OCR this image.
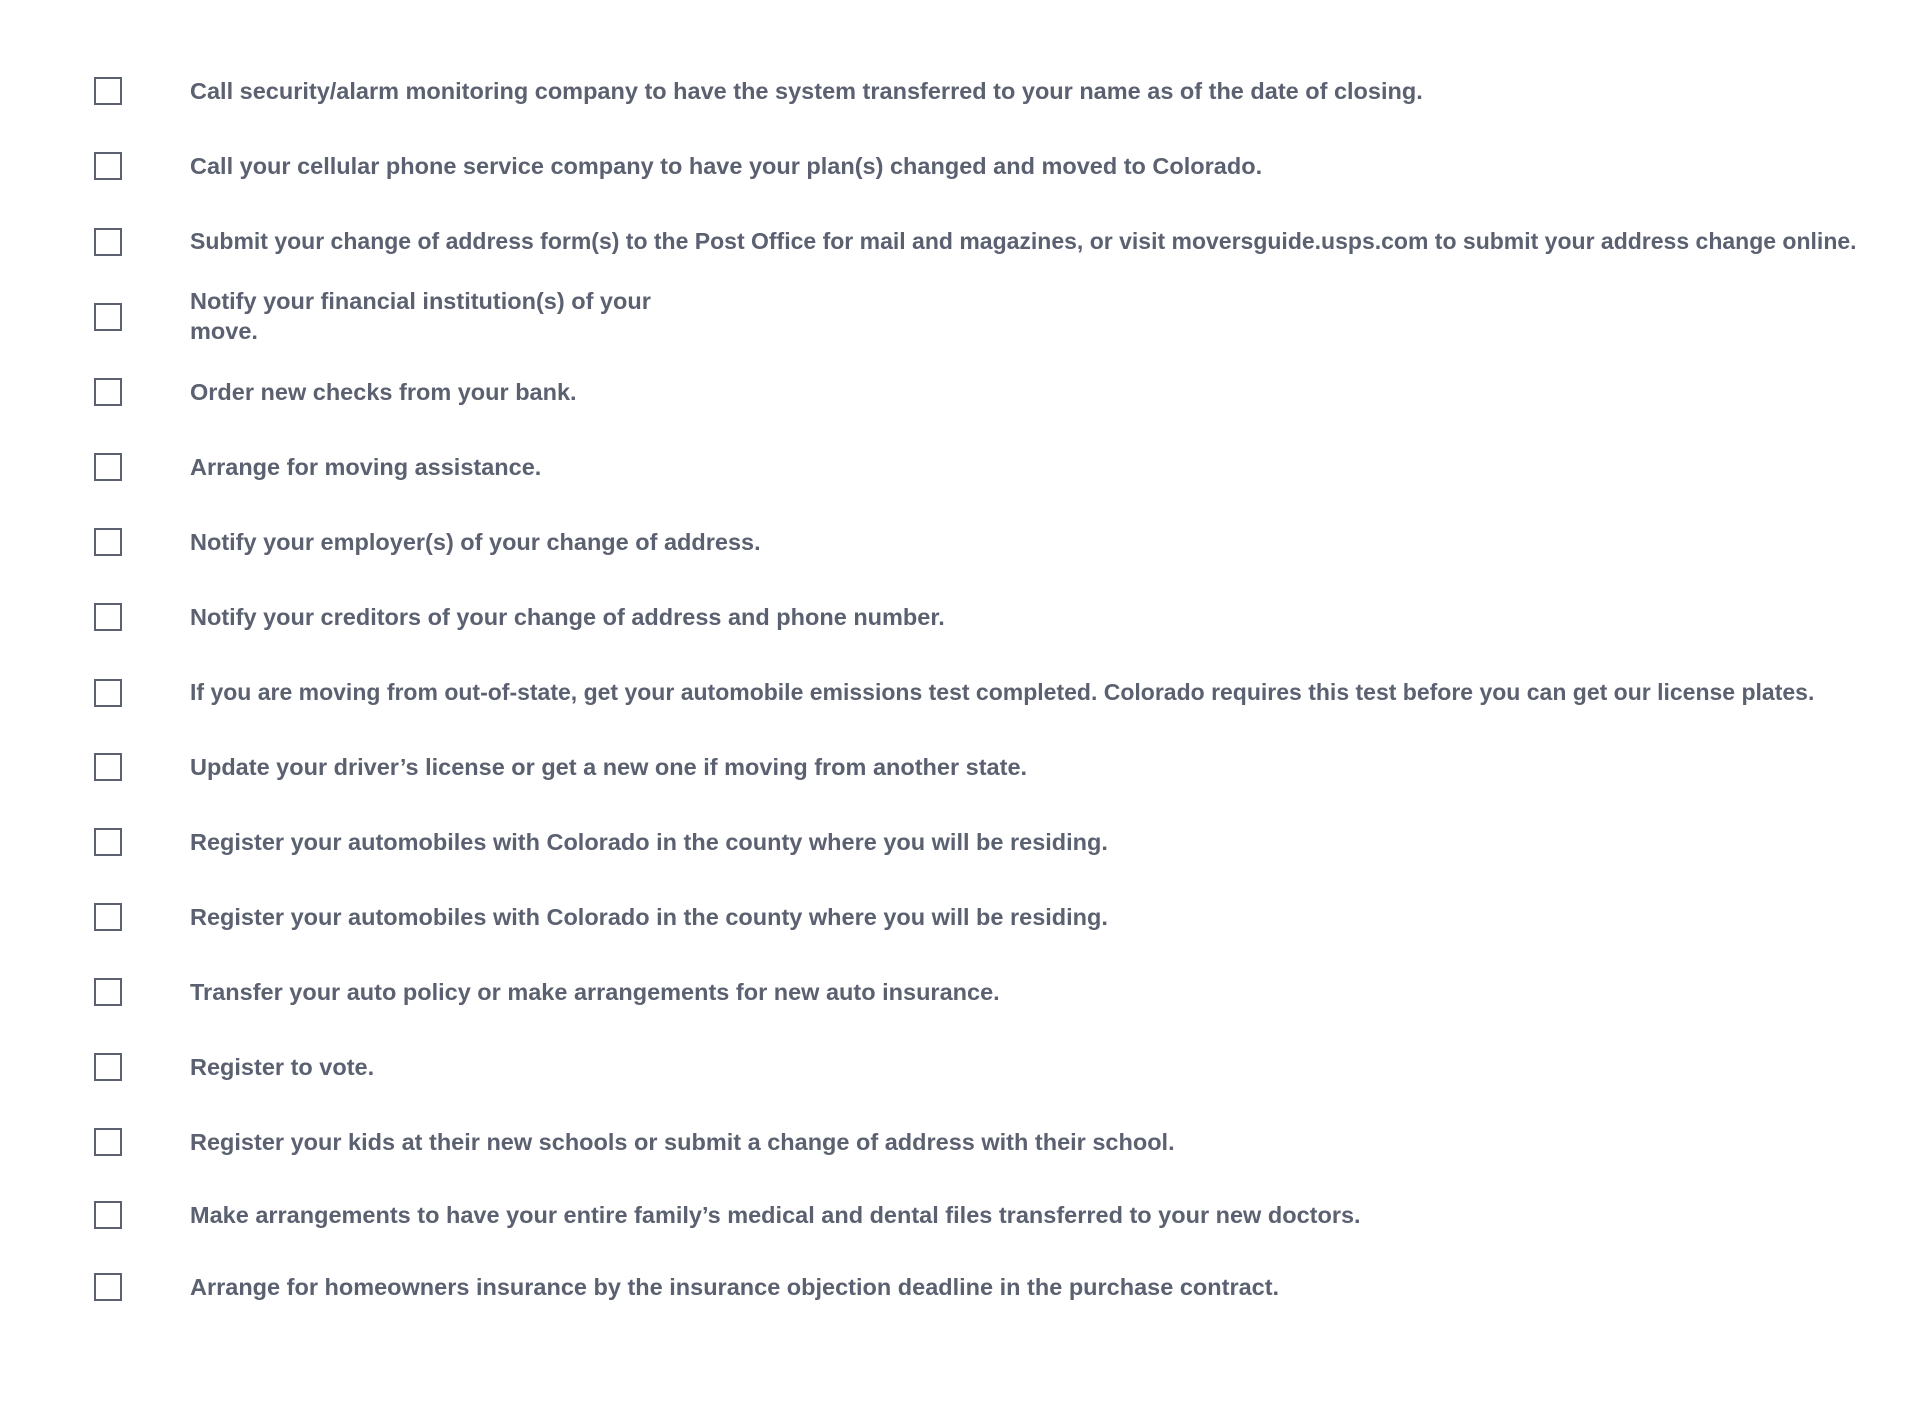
Call security/alarm monitoring company to have the system transferred to your name as of the date of closing.
Call your cellular phone service company to have your plan(s) changed and moved to Colorado.
Submit your change of address form(s) to the Post Office for mail and magazines, or visit moversguide.usps.com to submit your address change online.
Notify your financial institution(s) of your move.
Order new checks from your bank.
Arrange for moving assistance.
Notify your employer(s) of your change of address.
Notify your creditors of your change of address and phone number.
If you are moving from out-of-state, get your automobile emissions test completed. Colorado requires this test before you can get our license plates.
Update your driver’s license or get a new one if moving from another state.
Register your automobiles with Colorado in the county where you will be residing.
Register your automobiles with Colorado in the county where you will be residing.
Transfer your auto policy or make arrangements for new auto insurance.
Register to vote.
Register your kids at their new schools or submit a change of address with their school.
Make arrangements to have your entire family’s medical and dental files transferred to your new doctors.
Arrange for homeowners insurance by the insurance objection deadline in the purchase contract.
